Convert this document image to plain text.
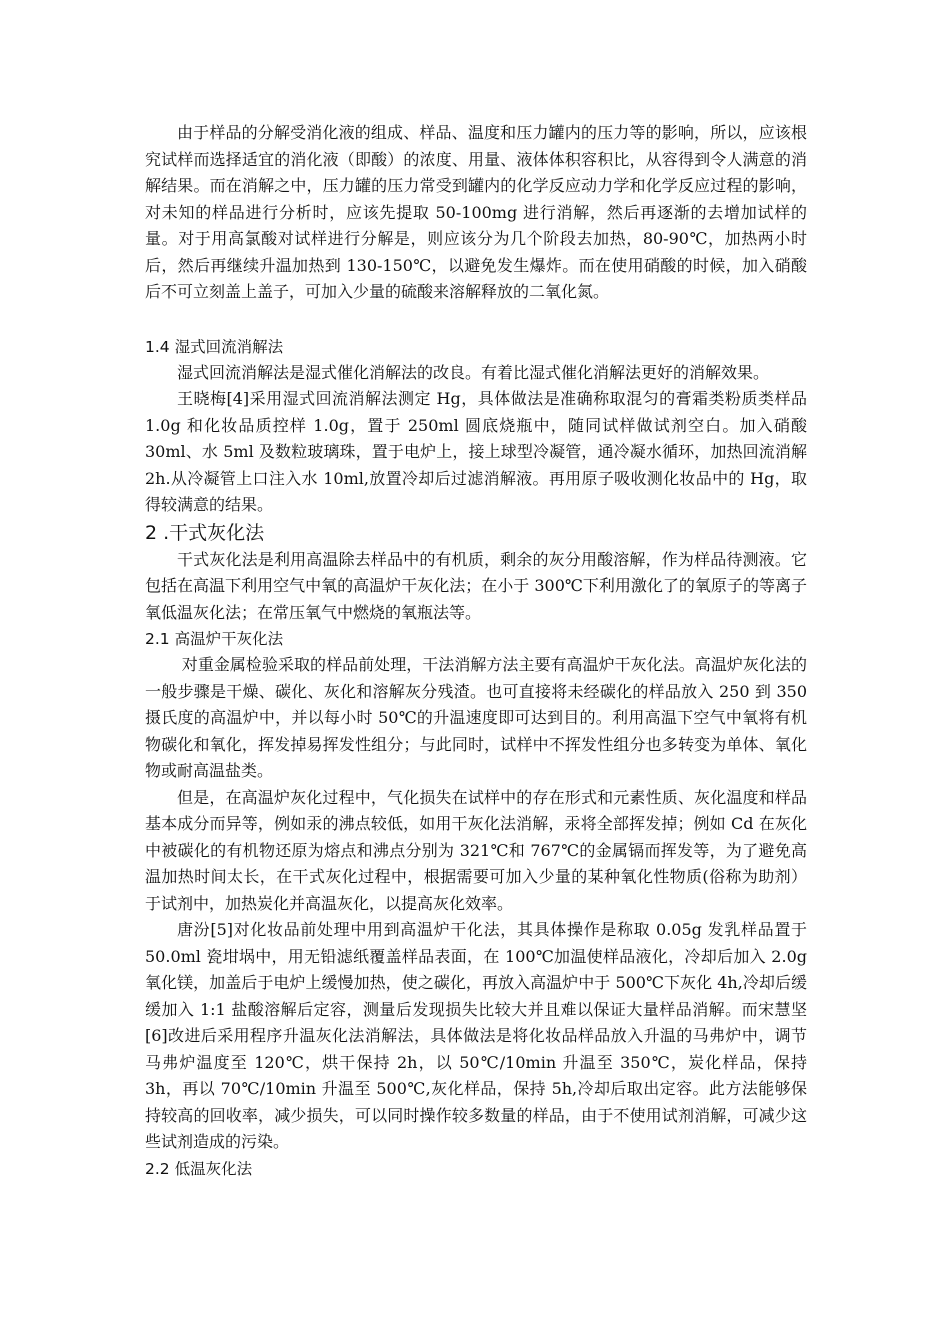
由于样品的分解受消化液的组成、样品、温度和压力罐内的压力等的影响，所以，应该根究试样而选择适宜的消化液（即酸）的浓度、用量、液体体积容积比，从容得到令人满意的消解结果。而在消解之中，压力罐的压力常受到罐内的化学反应动力学和化学反应过程的影响，对未知的样品进行分析时，应该先提取 50-100mg 进行消解，然后再逐渐的去增加试样的量。对于用高氯酸对试样进行分解是，则应该分为几个阶段去加热，80-90℃，加热两小时后，然后再继续升温加热到 130-150℃，以避免发生爆炸。而在使用硝酸的时候，加入硝酸后不可立刻盖上盖子，可加入少量的硫酸来溶解释放的二氧化氮。

1.4 湿式回流消解法

湿式回流消解法是湿式催化消解法的改良。有着比湿式催化消解法更好的消解效果。

王晓梅[4]采用湿式回流消解法测定 Hg，具体做法是准确称取混匀的膏霜类粉质类样品 1.0g 和化妆品质控样 1.0g，置于 250ml 圆底烧瓶中，随同试样做试剂空白。加入硝酸 30ml、水 5ml 及数粒玻璃珠，置于电炉上，接上球型冷凝管，通冷凝水循环，加热回流消解 2h.从冷凝管上口注入水 10ml,放置冷却后过滤消解液。再用原子吸收测化妆品中的 Hg，取得较满意的结果。

2 .干式灰化法

干式灰化法是利用高温除去样品中的有机质，剩余的灰分用酸溶解，作为样品待测液。它包括在高温下利用空气中氧的高温炉干灰化法；在小于 300℃下利用激化了的氧原子的等离子氧低温灰化法；在常压氧气中燃烧的氧瓶法等。

2.1 高温炉干灰化法

对重金属检验采取的样品前处理，干法消解方法主要有高温炉干灰化法。高温炉灰化法的一般步骤是干燥、碳化、灰化和溶解灰分残渣。也可直接将未经碳化的样品放入 250 到 350 摄氏度的高温炉中，并以每小时 50℃的升温速度即可达到目的。利用高温下空气中氧将有机物碳化和氧化，挥发掉易挥发性组分；与此同时，试样中不挥发性组分也多转变为单体、氧化物或耐高温盐类。

但是，在高温炉灰化过程中，气化损失在试样中的存在形式和元素性质、灰化温度和样品基本成分而异等，例如汞的沸点较低，如用干灰化法消解，汞将全部挥发掉；例如 Cd 在灰化中被碳化的有机物还原为熔点和沸点分别为 321℃和 767℃的金属镉而挥发等，为了避免高温加热时间太长，在干式灰化过程中，根据需要可加入少量的某种氧化性物质(俗称为助剂）于试剂中，加热炭化并高温灰化，以提高灰化效率。

唐汾[5]对化妆品前处理中用到高温炉干化法，其具体操作是称取 0.05g 发乳样品置于 50.0ml 瓷坩埚中，用无铅滤纸覆盖样品表面，在 100℃加温使样品液化，冷却后加入 2.0g 氧化镁，加盖后于电炉上缓慢加热，使之碳化，再放入高温炉中于 500℃下灰化 4h,冷却后缓缓加入 1:1 盐酸溶解后定容，测量后发现损失比较大并且难以保证大量样品消解。而宋慧坚[6]改进后采用程序升温灰化法消解法，具体做法是将化妆品样品放入升温的马弗炉中，调节马弗炉温度至 120℃，烘干保持 2h，以 50℃/10min 升温至 350℃，炭化样品，保持 3h，再以 70℃/10min 升温至 500℃,灰化样品，保持 5h,冷却后取出定容。此方法能够保持较高的回收率，减少损失，可以同时操作较多数量的样品，由于不使用试剂消解，可减少这些试剂造成的污染。

2.2 低温灰化法
